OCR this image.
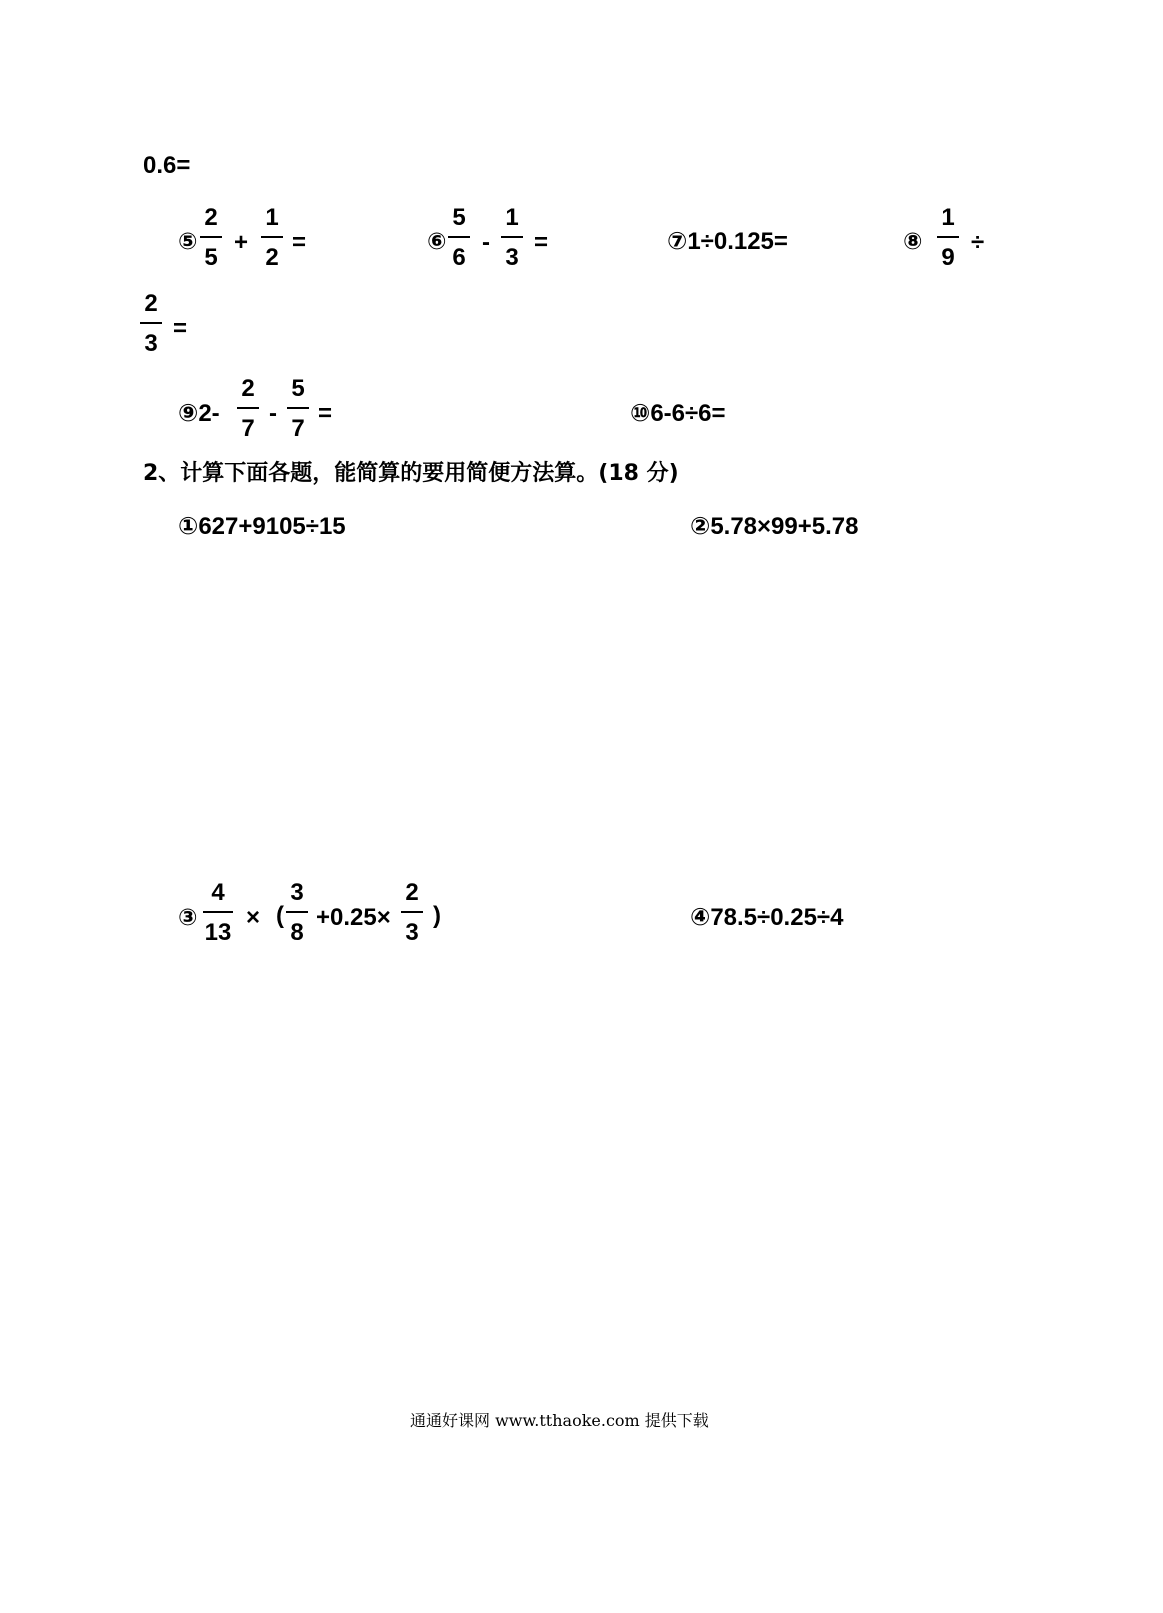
0.6=
⑤
2
5
+
1
2
=	⑥
5
6
-
1
3
=	⑦1÷0.125=	⑧
1
9
÷
2
3
=
⑨2-
2
7
-
5
7
=	⑩6-6÷6=
2、计算下面各题，能简算的要用简便方法算。(18 分)
①627+9105÷15	②5.78×99+5.78
③
4
13
× (
3
8
+0.25×
2
3
)	④78.5÷0.25÷4
通通好课网 www.tthaoke.com 提供下载
